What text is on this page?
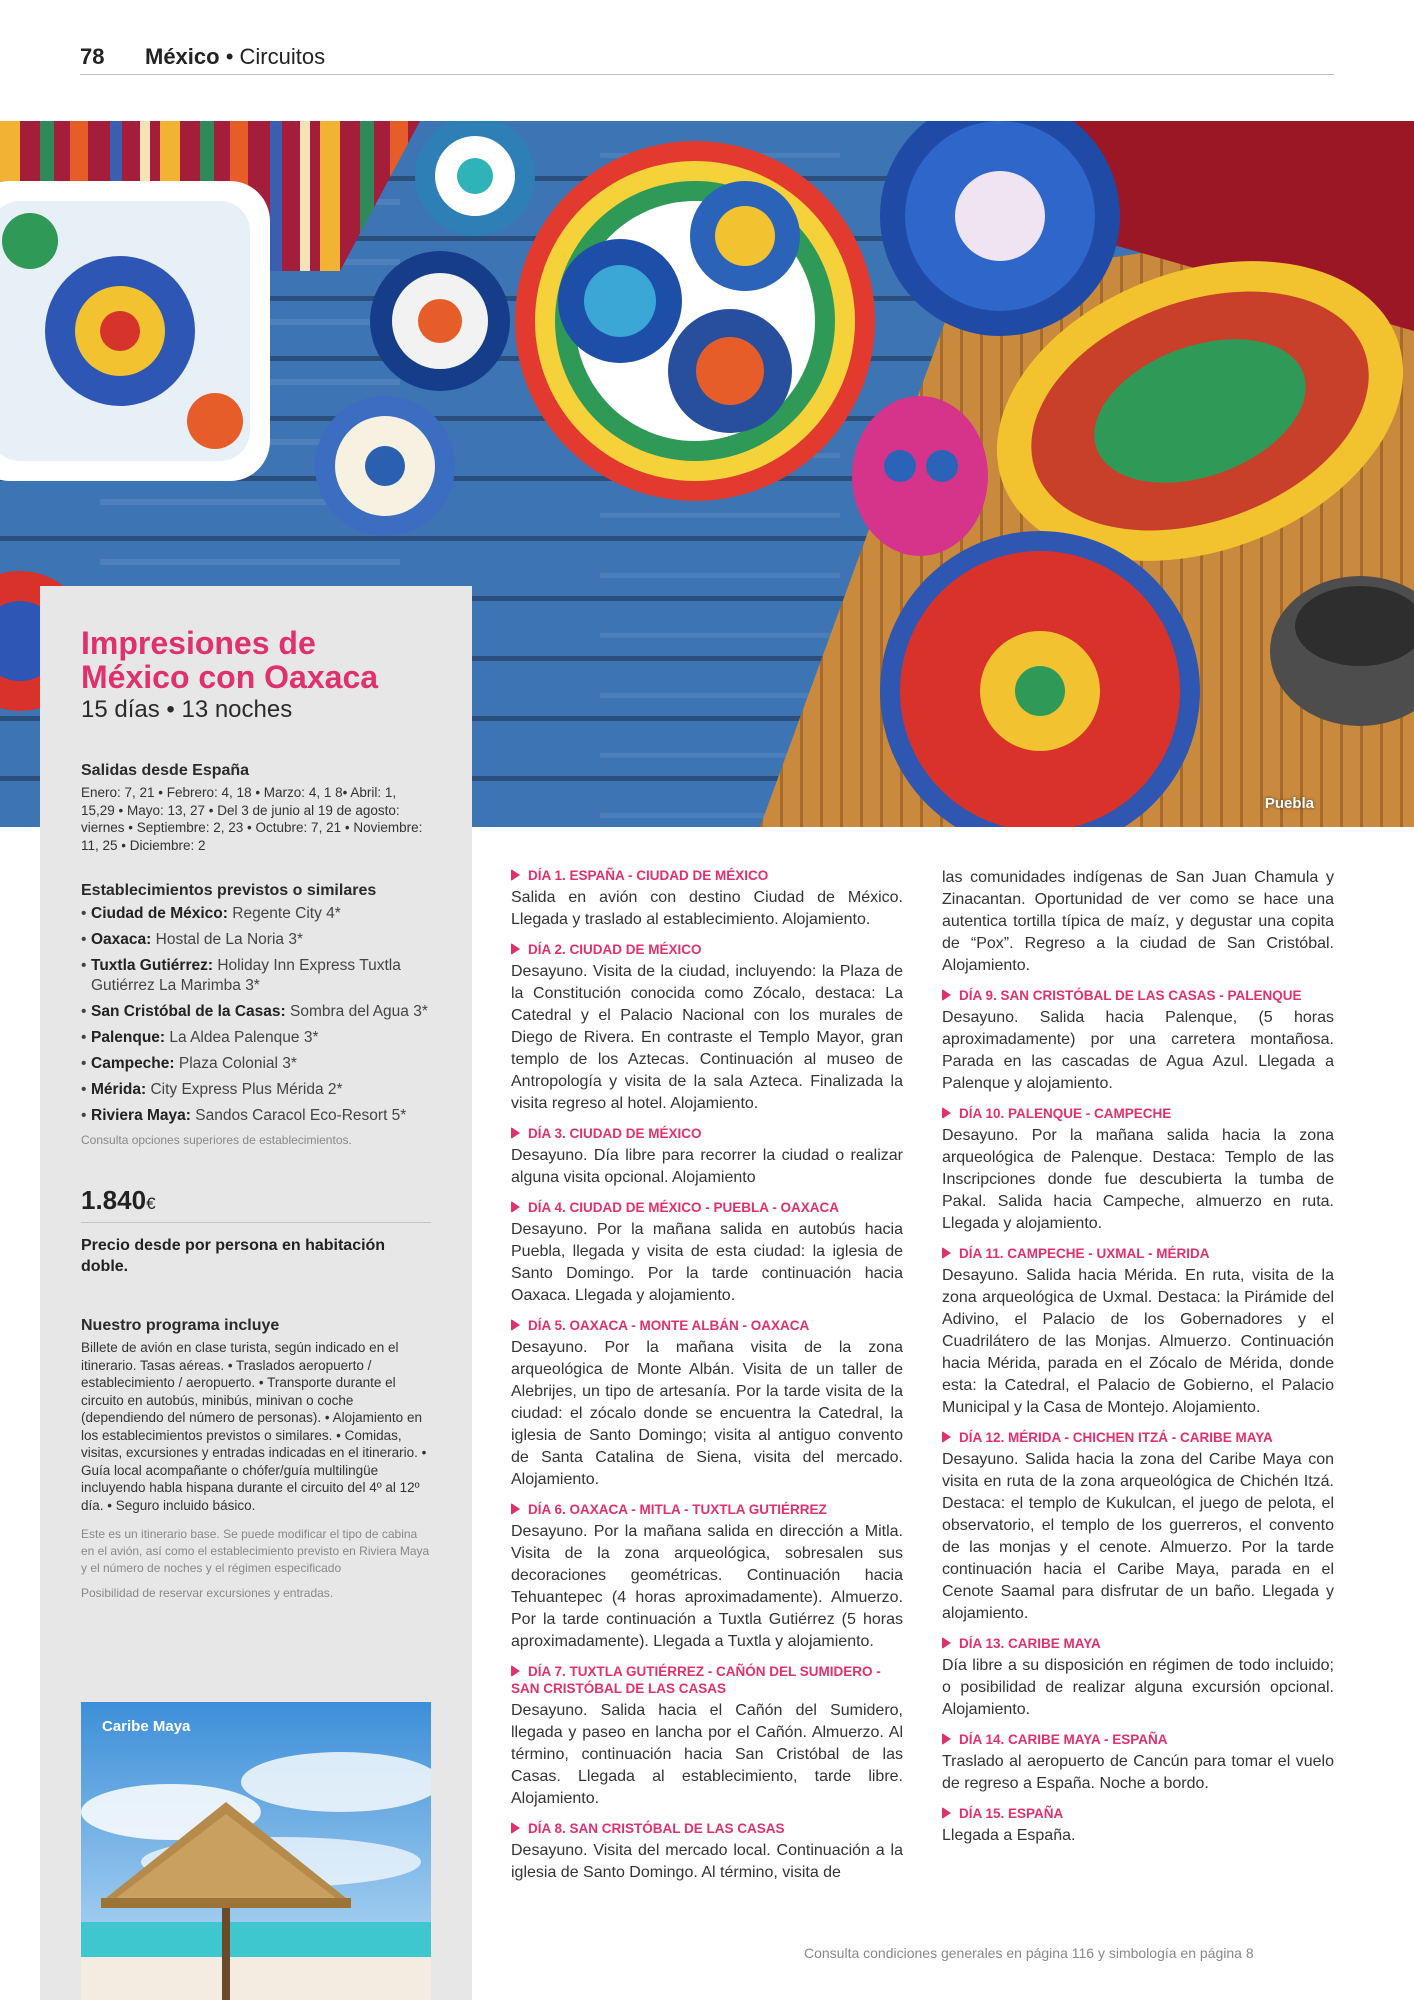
78 México • Circuitos
Puebla
Impresiones de México con Oaxaca
15 días • 13 noches
Salidas desde España
Enero: 7, 21 • Febrero: 4, 18 • Marzo: 4, 1 8• Abril: 1, 15,29 • Mayo: 13, 27 • Del 3 de junio al 19 de agosto: viernes • Septiembre: 2, 23 • Octubre: 7, 21 • Noviembre: 11, 25 • Diciembre: 2
Establecimientos previstos o similares
• Ciudad de México: Regente City 4*
• Oaxaca: Hostal de La Noria 3*
• Tuxtla Gutiérrez: Holiday Inn Express Tuxtla Gutiérrez La Marimba 3*
• San Cristóbal de la Casas: Sombra del Agua 3*
• Palenque: La Aldea Palenque 3*
• Campeche: Plaza Colonial 3*
• Mérida: City Express Plus Mérida 2*
• Riviera Maya: Sandos Caracol Eco-Resort 5*
Consulta opciones superiores de establecimientos.
1.840€
Precio desde por persona en habitación doble.
Nuestro programa incluye
Billete de avión en clase turista, según indicado en el itinerario. Tasas aéreas. • Traslados aeropuerto / establecimiento / aeropuerto. • Transporte durante el circuito en autobús, minibús, minivan o coche (dependiendo del número de personas). • Alojamiento en los establecimientos previstos o similares. • Comidas, visitas, excursiones y entradas indicadas en el itinerario. • Guía local acompañante o chófer/guía multilingüe incluyendo habla hispana durante el circuito del 4º al 12º día. • Seguro incluido básico.
Este es un itinerario base. Se puede modificar el tipo de cabina en el avión, así como el establecimiento previsto en Riviera Maya y el número de noches y el régimen especificado
Posibilidad de reservar excursiones y entradas.
Caribe Maya
DÍA 1. ESPAÑA - CIUDAD DE MÉXICO

Salida en avión con destino Ciudad de México. Llegada y traslado al establecimiento. Alojamiento.

DÍA 2. CIUDAD DE MÉXICO

Desayuno. Visita de la ciudad, incluyendo: la Plaza de la Constitución conocida como Zócalo, destaca: La Catedral y el Palacio Nacional con los murales de Diego de Rivera. En contraste el Templo Mayor, gran templo de los Aztecas. Continuación al museo de Antropología y visita de la sala Azteca. Finalizada la visita regreso al hotel. Alojamiento.

DÍA 3. CIUDAD DE MÉXICO

Desayuno. Día libre para recorrer la ciudad o realizar alguna visita opcional. Alojamiento

DÍA 4. CIUDAD DE MÉXICO - PUEBLA - OAXACA

Desayuno. Por la mañana salida en autobús hacia Puebla, llegada y visita de esta ciudad: la iglesia de Santo Domingo. Por la tarde continuación hacia Oaxaca. Llegada y alojamiento.

DÍA 5. OAXACA - MONTE ALBÁN - OAXACA

Desayuno. Por la mañana visita de la zona arqueológica de Monte Albán. Visita de un taller de Alebrijes, un tipo de artesanía. Por la tarde visita de la ciudad: el zócalo donde se encuentra la Catedral, la iglesia de Santo Domingo; visita al antiguo convento de Santa Catalina de Siena, visita del mercado. Alojamiento.

DÍA 6. OAXACA - MITLA - TUXTLA GUTIÉRREZ

Desayuno. Por la mañana salida en dirección a Mitla. Visita de la zona arqueológica, sobresalen sus decoraciones geométricas. Continuación hacia Tehuantepec (4 horas aproximadamente). Almuerzo. Por la tarde continuación a Tuxtla Gutiérrez (5 horas aproximadamente). Llegada a Tuxtla y alojamiento.

DÍA 7. TUXTLA GUTIÉRREZ - CAÑÓN DEL SUMIDERO - SAN CRISTÓBAL DE LAS CASAS

Desayuno. Salida hacia el Cañón del Sumidero, llegada y paseo en lancha por el Cañón. Almuerzo. Al término, continuación hacia San Cristóbal de las Casas. Llegada al establecimiento, tarde libre. Alojamiento.

DÍA 8. SAN CRISTÓBAL DE LAS CASAS

Desayuno. Visita del mercado local. Continuación a la iglesia de Santo Domingo. Al término, visita de

las comunidades indígenas de San Juan Chamula y Zinacantan. Oportunidad de ver como se hace una autentica tortilla típica de maíz, y degustar una copita de “Pox”. Regreso a la ciudad de San Cristóbal. Alojamiento.

DÍA 9. SAN CRISTÓBAL DE LAS CASAS - PALENQUE

Desayuno. Salida hacia Palenque, (5 horas aproximadamente) por una carretera montañosa. Parada en las cascadas de Agua Azul. Llegada a Palenque y alojamiento.

DÍA 10. PALENQUE - CAMPECHE

Desayuno. Por la mañana salida hacia la zona arqueológica de Palenque. Destaca: Templo de las Inscripciones donde fue descubierta la tumba de Pakal. Salida hacia Campeche, almuerzo en ruta. Llegada y alojamiento.

DÍA 11. CAMPECHE - UXMAL - MÉRIDA

Desayuno. Salida hacia Mérida. En ruta, visita de la zona arqueológica de Uxmal. Destaca: la Pirámide del Adivino, el Palacio de los Gobernadores y el Cuadrilátero de las Monjas. Almuerzo. Continuación hacia Mérida, parada en el Zócalo de Mérida, donde esta: la Catedral, el Palacio de Gobierno, el Palacio Municipal y la Casa de Montejo. Alojamiento.

DÍA 12. MÉRIDA - CHICHEN ITZÁ - CARIBE MAYA

Desayuno. Salida hacia la zona del Caribe Maya con visita en ruta de la zona arqueológica de Chichén Itzá. Destaca: el templo de Kukulcan, el juego de pelota, el observatorio, el templo de los guerreros, el convento de las monjas y el cenote. Almuerzo. Por la tarde continuación hacia el Caribe Maya, parada en el Cenote Saamal para disfrutar de un baño. Llegada y alojamiento.

DÍA 13. CARIBE MAYA

Día libre a su disposición en régimen de todo incluido; o posibilidad de realizar alguna excursión opcional. Alojamiento.

DÍA 14. CARIBE MAYA - ESPAÑA

Traslado al aeropuerto de Cancún para tomar el vuelo de regreso a España. Noche a bordo.

DÍA 15. ESPAÑA

Llegada a España.

Consulta condiciones generales en página 116 y simbología en página 8
